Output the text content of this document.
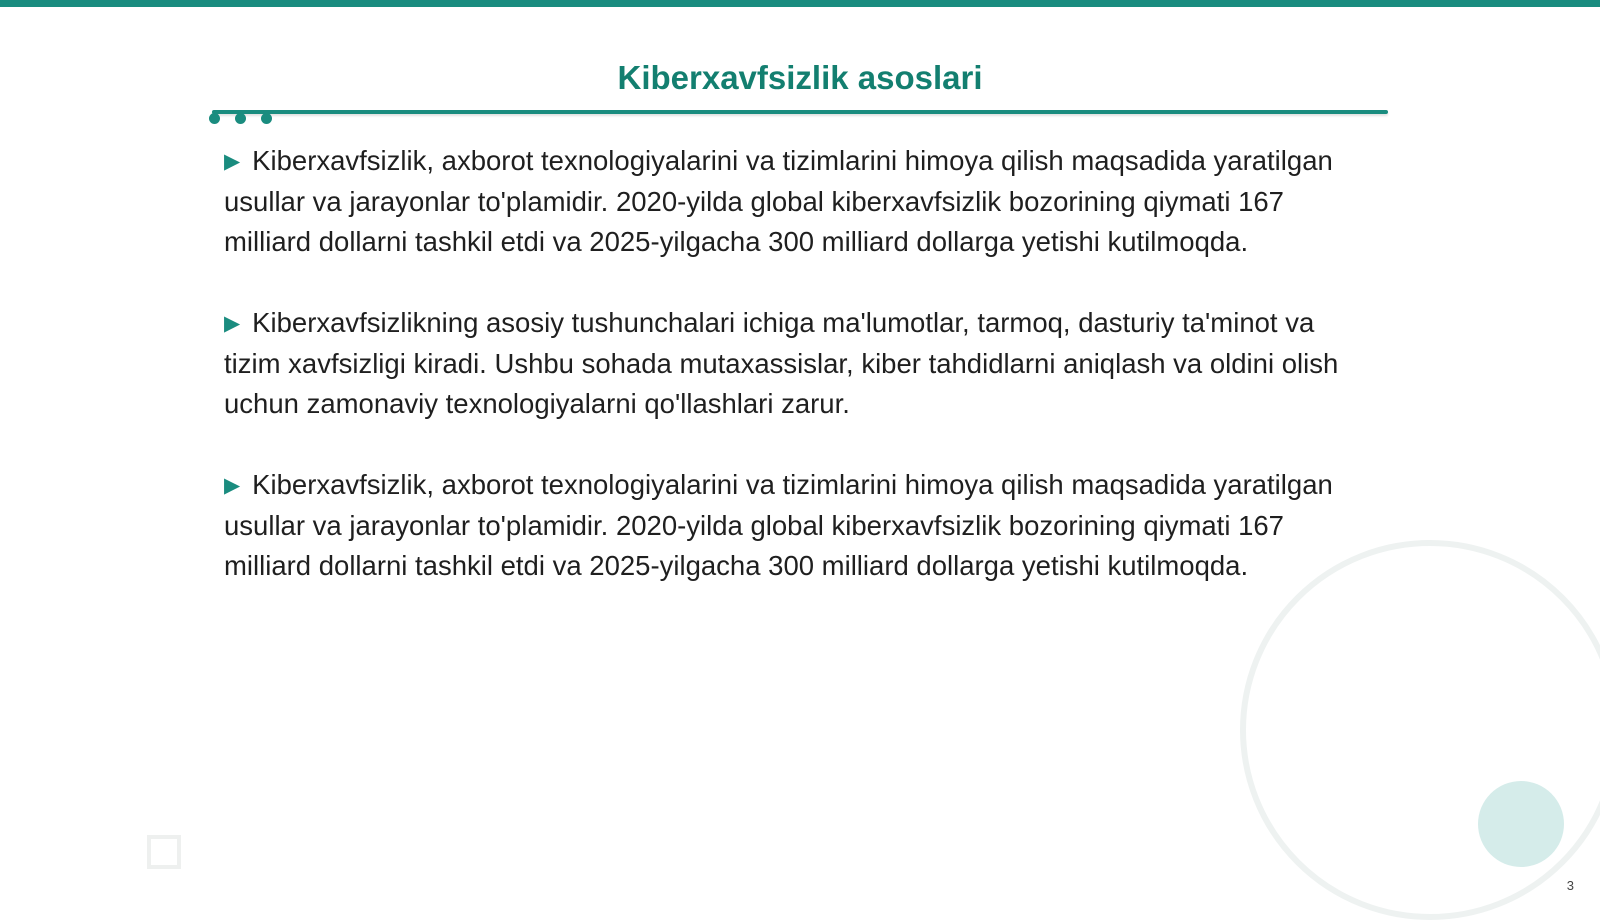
Kiberxavfsizlik asoslari

▶ Kiberxavfsizlik, axborot texnologiyalarini va tizimlarini himoya qilish maqsadida yaratilgan usullar va jarayonlar to'plamidir. 2020-yilda global kiberxavfsizlik bozorining qiymati 167 milliard dollarni tashkil etdi va 2025-yilgacha 300 milliard dollarga yetishi kutilmoqda.

▶ Kiberxavfsizlikning asosiy tushunchalari ichiga ma'lumotlar, tarmoq, dasturiy ta'minot va tizim xavfsizligi kiradi. Ushbu sohada mutaxassislar, kiber tahdidlarni aniqlash va oldini olish uchun zamonaviy texnologiyalarni qo'llashlari zarur.

▶ Kiberxavfsizlik, axborot texnologiyalarini va tizimlarini himoya qilish maqsadida yaratilgan usullar va jarayonlar to'plamidir. 2020-yilda global kiberxavfsizlik bozorining qiymati 167 milliard dollarni tashkil etdi va 2025-yilgacha 300 milliard dollarga yetishi kutilmoqda.

3
